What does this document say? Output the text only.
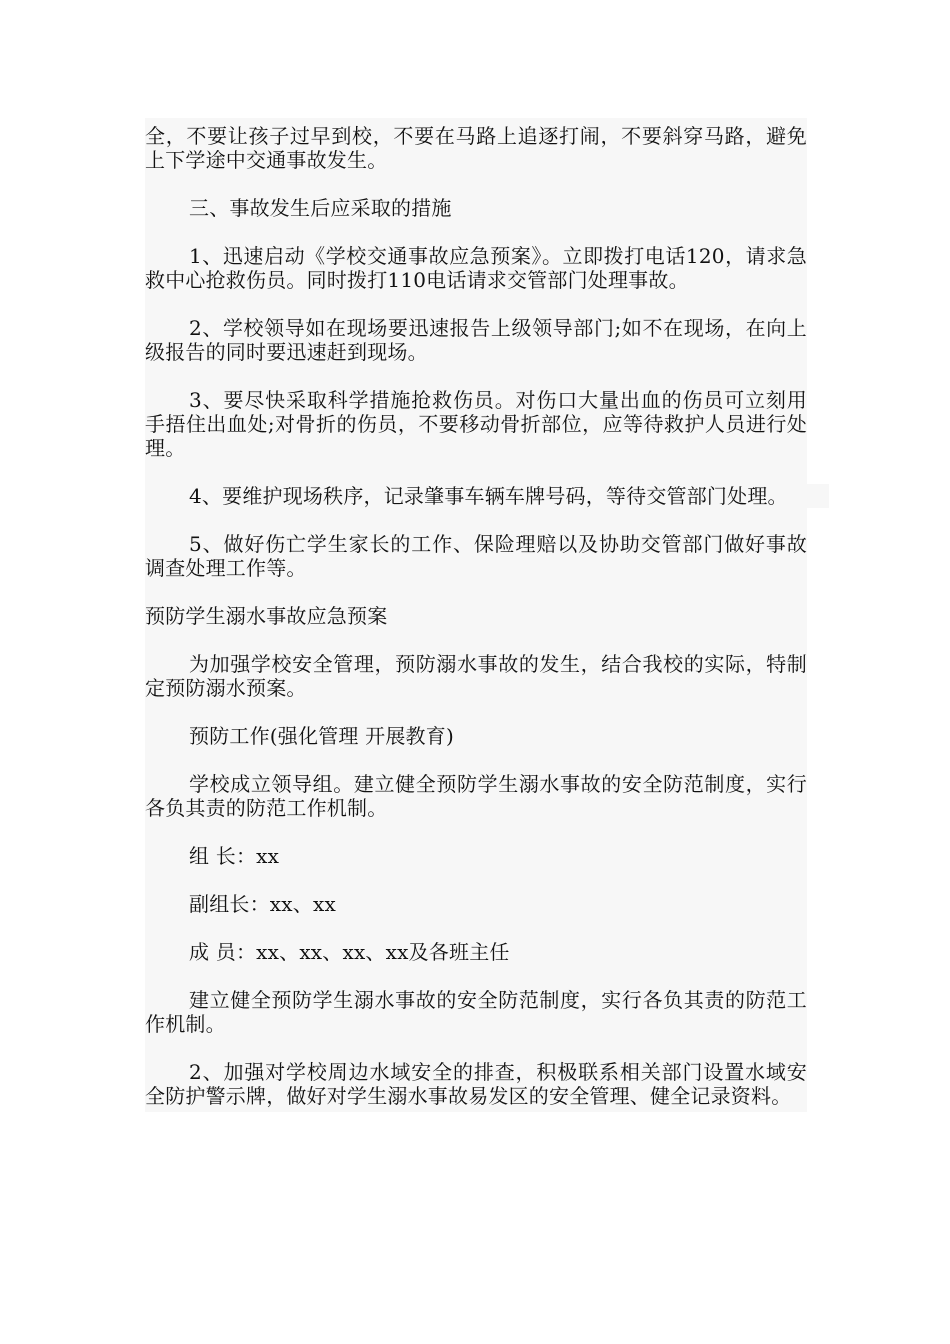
全，不要让孩子过早到校，不要在马路上追逐打闹，不要斜穿马路，避免上下学途中交通事故发生。

三、事故发生后应采取的措施

1、迅速启动《学校交通事故应急预案》。立即拨打电话120，请求急救中心抢救伤员。同时拨打110电话请求交管部门处理事故。

2、学校领导如在现场要迅速报告上级领导部门;如不在现场，在向上级报告的同时要迅速赶到现场。

3、要尽快采取科学措施抢救伤员。对伤口大量出血的伤员可立刻用手捂住出血处;对骨折的伤员，不要移动骨折部位，应等待救护人员进行处理。

4、要维护现场秩序，记录肇事车辆车牌号码，等待交管部门处理。

5、做好伤亡学生家长的工作、保险理赔以及协助交管部门做好事故调查处理工作等。

预防学生溺水事故应急预案

为加强学校安全管理，预防溺水事故的发生，结合我校的实际，特制定预防溺水预案。

预防工作(强化管理 开展教育)

学校成立领导组。建立健全预防学生溺水事故的安全防范制度，实行各负其责的防范工作机制。

组 长：xx

副组长：xx、xx

成 员：xx、xx、xx、xx及各班主任

建立健全预防学生溺水事故的安全防范制度，实行各负其责的防范工作机制。

2、加强对学校周边水域安全的排查，积极联系相关部门设置水域安全防护警示牌，做好对学生溺水事故易发区的安全管理、健全记录资料。
